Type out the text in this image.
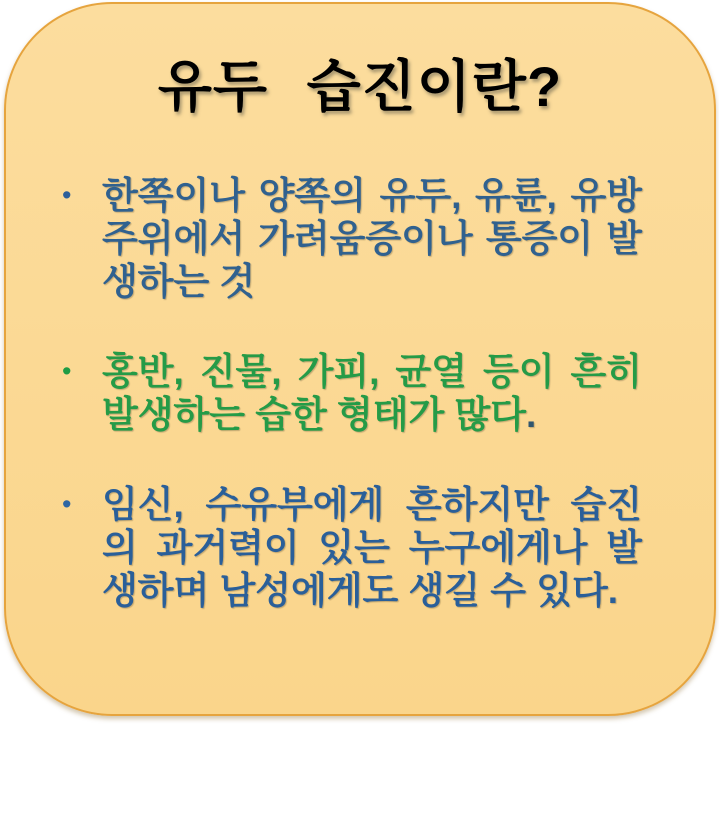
유두 습진이란?
• 한쪽이나 양쪽의 유두, 유륜, 유방 주위에서 가려움증이나 통증이 발생하는 것

• 홍반, 진물, 가피, 균열 등이 흔히 발생하는 습한 형태가 많다.

• 임신, 수유부에게 흔하지만 습진의 과거력이 있는 누구에게나 발생하며 남성에게도 생길 수 있다.
